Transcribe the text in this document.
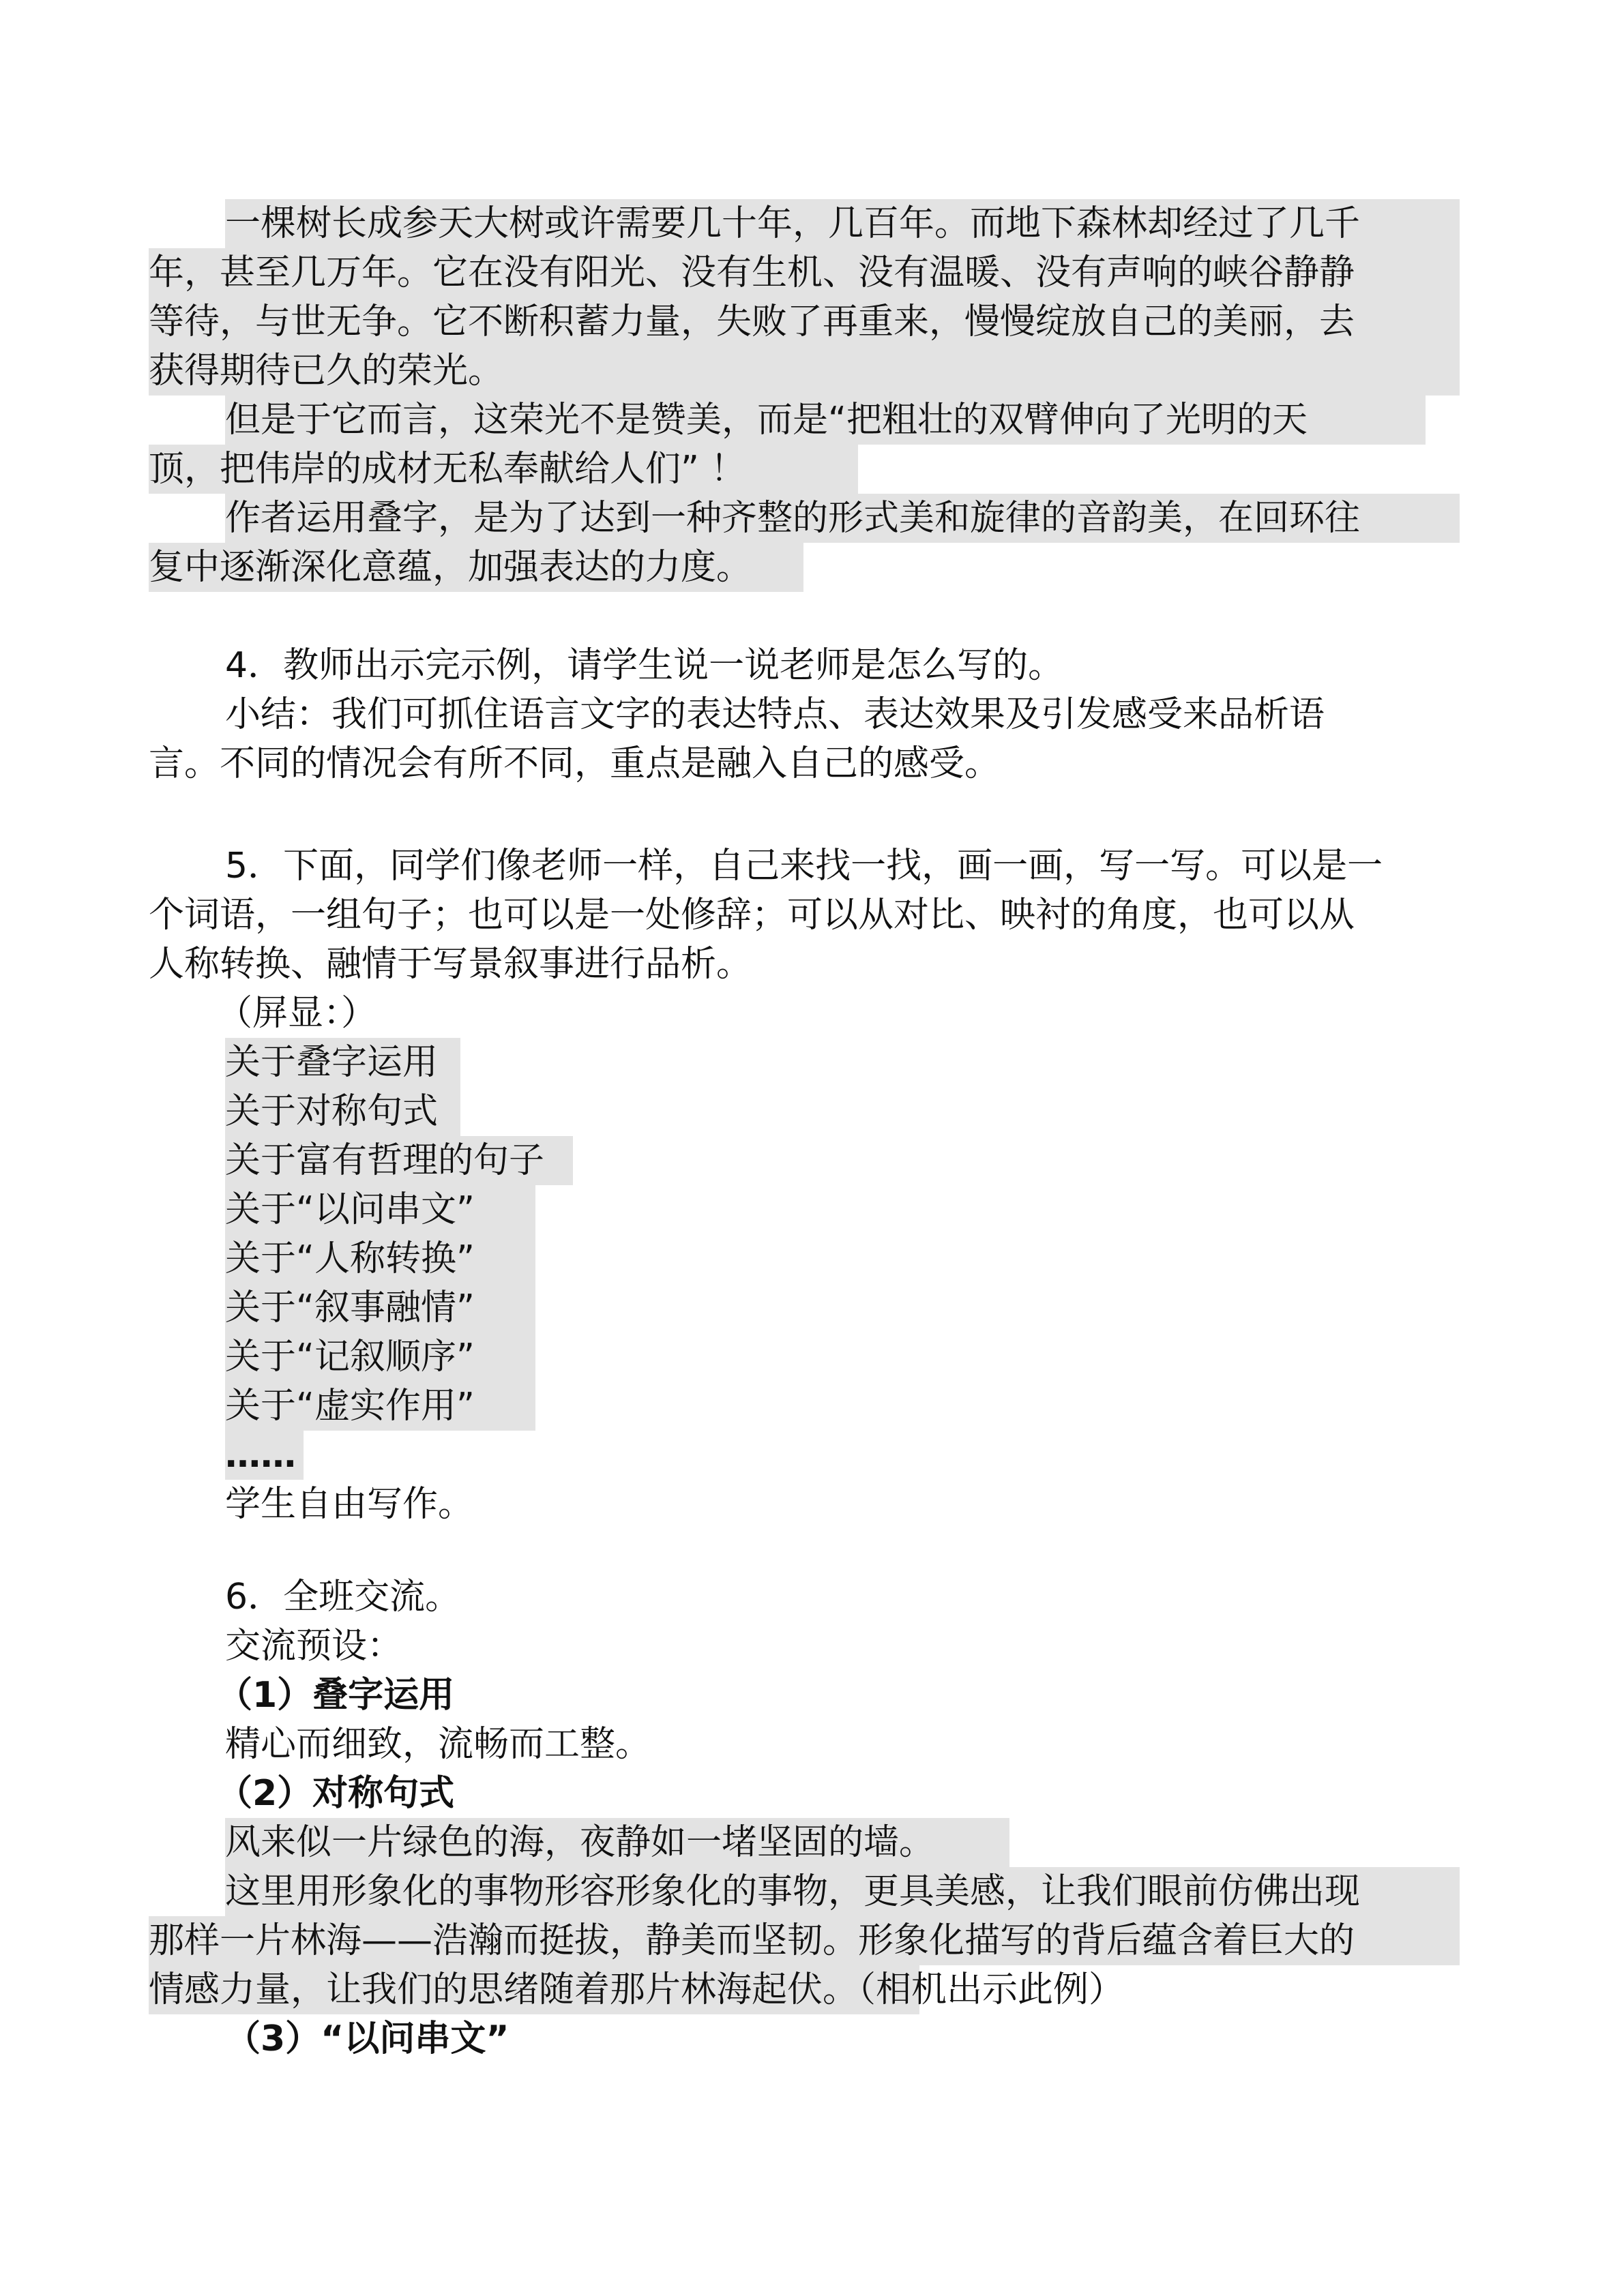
一棵树长成参天大树或许需要几十年，几百年。而地下森林却经过了几千
年，甚至几万年。它在没有阳光、没有生机、没有温暖、没有声响的峡谷静静
等待，与世无争。它不断积蓄力量，失败了再重来，慢慢绽放自己的美丽，去
获得期待已久的荣光。
但是于它而言，这荣光不是赞美，而是“把粗壮的双臂伸向了光明的天
顶，把伟岸的成材无私奉献给人们” ！
作者运用叠字，是为了达到一种齐整的形式美和旋律的音韵美，在回环往
复中逐渐深化意蕴，加强表达的力度。
4．教师出示完示例，请学生说一说老师是怎么写的。
小结：我们可抓住语言文字的表达特点、表达效果及引发感受来品析语
言。不同的情况会有所不同，重点是融入自己的感受。
5．下面，同学们像老师一样，自己来找一找，画一画，写一写。可以是一
个词语，一组句子；也可以是一处修辞；可以从对比、映衬的角度，也可以从
人称转换、融情于写景叙事进行品析。
（屏显：）
关于叠字运用
关于对称句式
关于富有哲理的句子
关于“以问串文”
关于“人称转换”
关于“叙事融情”
关于“记叙顺序”
关于“虚实作用”
……
学生自由写作。
6．全班交流。
交流预设：
（1）叠字运用
精心而细致，流畅而工整。
（2）对称句式
风来似一片绿色的海，夜静如一堵坚固的墙。
这里用形象化的事物形容形象化的事物，更具美感，让我们眼前仿佛出现
那样一片林海——浩瀚而挺拔，静美而坚韧。形象化描写的背后蕴含着巨大的
情感力量，让我们的思绪随着那片林海起伏。（相机出示此例）
（3）“以问串文”
